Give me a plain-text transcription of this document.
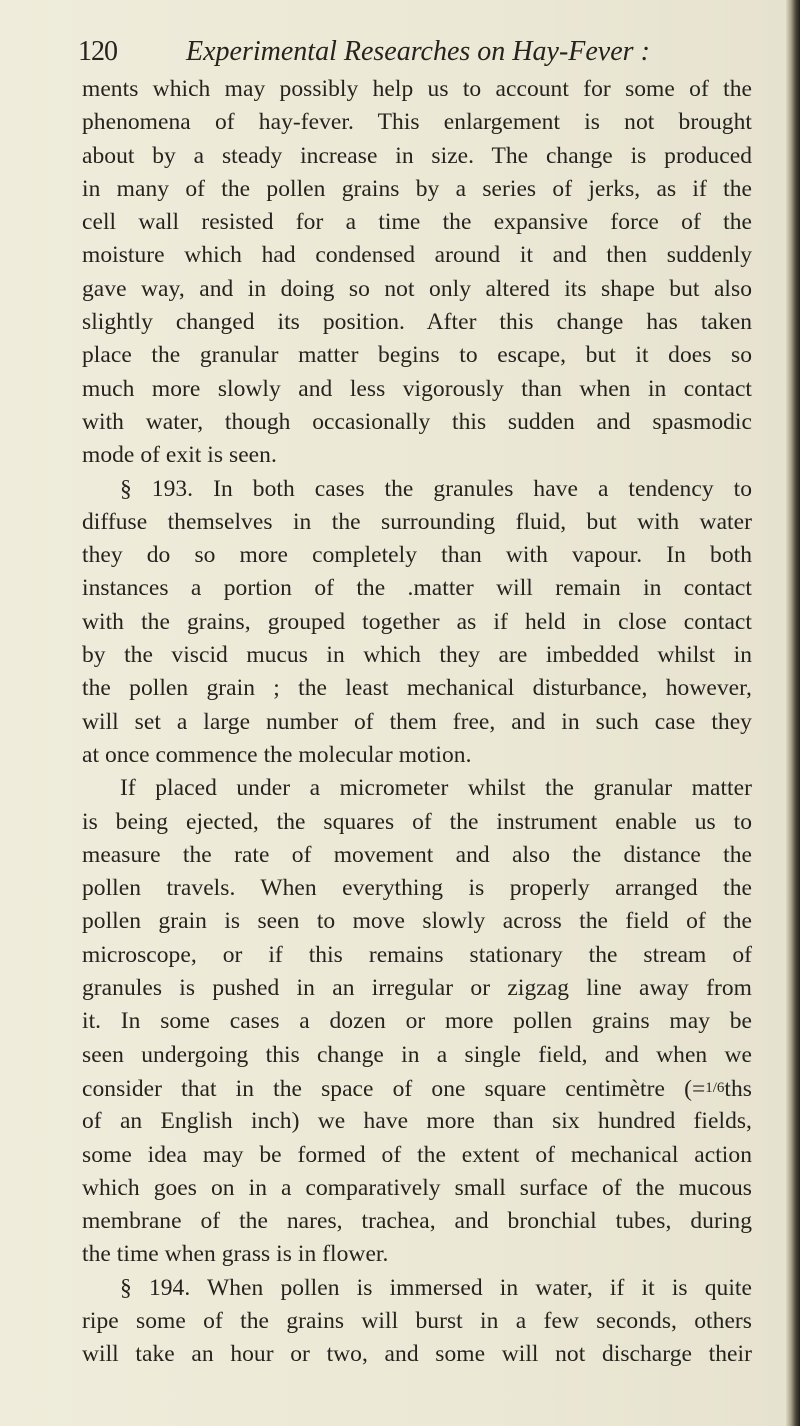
120 Experimental Researches on Hay-Fever :
ments which may possibly help us to account for some of the
phenomena of hay-fever. This enlargement is not brought
about by a steady increase in size. The change is produced
in many of the pollen grains by a series of jerks, as if the
cell wall resisted for a time the expansive force of the
moisture which had condensed around it and then suddenly
gave way, and in doing so not only altered its shape but also
slightly changed its position. After this change has taken
place the granular matter begins to escape, but it does so
much more slowly and less vigorously than when in contact
with water, though occasionally this sudden and spasmodic
mode of exit is seen.
§ 193. In both cases the granules have a tendency to
diffuse themselves in the surrounding fluid, but with water
they do so more completely than with vapour. In both
instances a portion of the .matter will remain in contact
with the grains, grouped together as if held in close contact
by the viscid mucus in which they are imbedded whilst in
the pollen grain ; the least mechanical disturbance, however,
will set a large number of them free, and in such case they
at once commence the molecular motion.
If placed under a micrometer whilst the granular matter
is being ejected, the squares of the instrument enable us to
measure the rate of movement and also the distance the
pollen travels. When everything is properly arranged the
pollen grain is seen to move slowly across the field of the
microscope, or if this remains stationary the stream of
granules is pushed in an irregular or zigzag line away from
it. In some cases a dozen or more pollen grains may be
seen undergoing this change in a single field, and when we
consider that in the space of one square centimètre (=1/6ths
of an English inch) we have more than six hundred fields,
some idea may be formed of the extent of mechanical action
which goes on in a comparatively small surface of the mucous
membrane of the nares, trachea, and bronchial tubes, during
the time when grass is in flower.
§ 194. When pollen is immersed in water, if it is quite
ripe some of the grains will burst in a few seconds, others
will take an hour or two, and some will not discharge their
